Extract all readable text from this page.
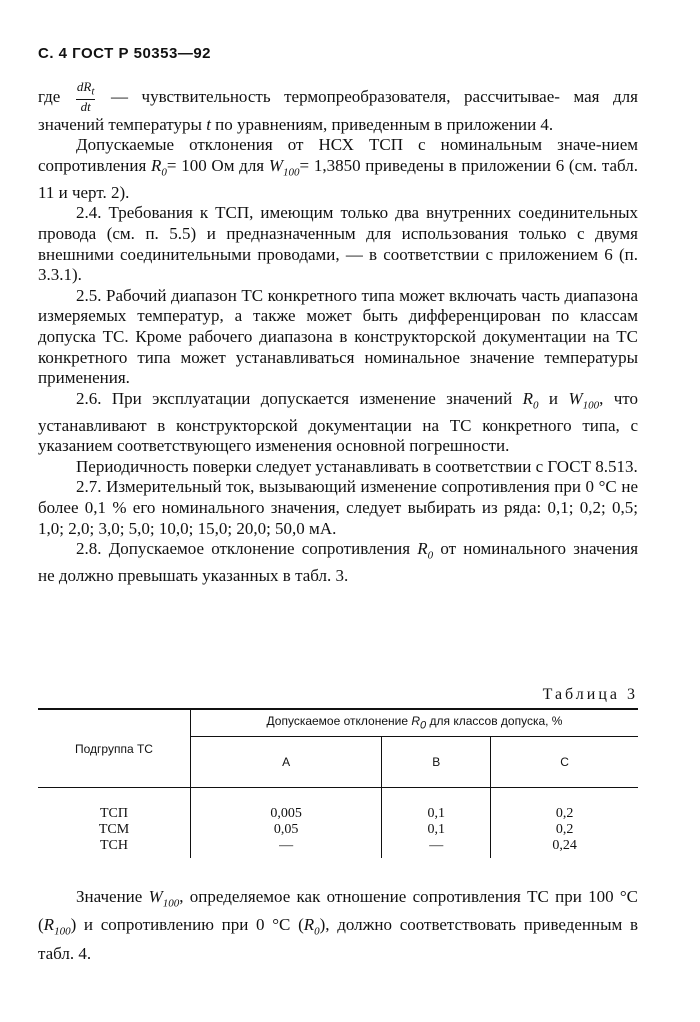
С. 4 ГОСТ Р 50353—92

где $\frac{dR_t}{dt}$ — чувствительность термопреобразователя, рассчитывае- мая для значений температуры t по уравнениям, приведенным в приложении 4.

Допускаемые отклонения от НСХ ТСП с номинальным значе-нием сопротивления $R_0= 100$ Ом для $W_{100}= 1,3850$ приведены в приложении 6 (см. табл. 11 и черт. 2).

2.4. Требования к ТСП, имеющим только два внутренних соединительных провода (см. п. 5.5) и предназначенным для использования только с двумя внешними соединительными проводами, — в соответствии с приложением 6 (п. 3.3.1).

2.5. Рабочий диапазон ТС конкретного типа может включать часть диапазона измеряемых температур, а также может быть дифференцирован по классам допуска ТС. Кроме рабочего диапазона в конструкторской документации на ТС конкретного типа может устанавливаться номинальное значение температуры применения.

2.6. При эксплуатации допускается изменение значений $R_0$ и $W_{100}$, что устанавливают в конструкторской документации на ТС конкретного типа, с указанием соответствующего изменения основной погрешности.

Периодичность поверки следует устанавливать в соответствии с ГОСТ 8.513.

2.7. Измерительный ток, вызывающий изменение сопротивления при 0 °С не более 0,1 % его номинального значения, следует выбирать из ряда: 0,1; 0,2; 0,5; 1,0; 2,0; 3,0; 5,0; 10,0; 15,0; 20,0; 50,0 мА.

2.8. Допускаемое отклонение сопротивления $R_0$ от номинального значения не должно превышать указанных в табл. 3.

Таблица 3
Подгруппа ТС	Допускаемое отклонение $R_0$ для классов допуска, %		
	A	B	C
ТСП	0,005	0,1	0,2
ТСМ	0,05	0,1	0,2
ТСН	—	—	0,24

Значение $W_{100}$, определяемое как отношение сопротивления ТС при 100 °С $(R_{100})$ и сопротивлению при 0 °С $(R_0)$, должно соответствовать приведенным в табл. 4.
